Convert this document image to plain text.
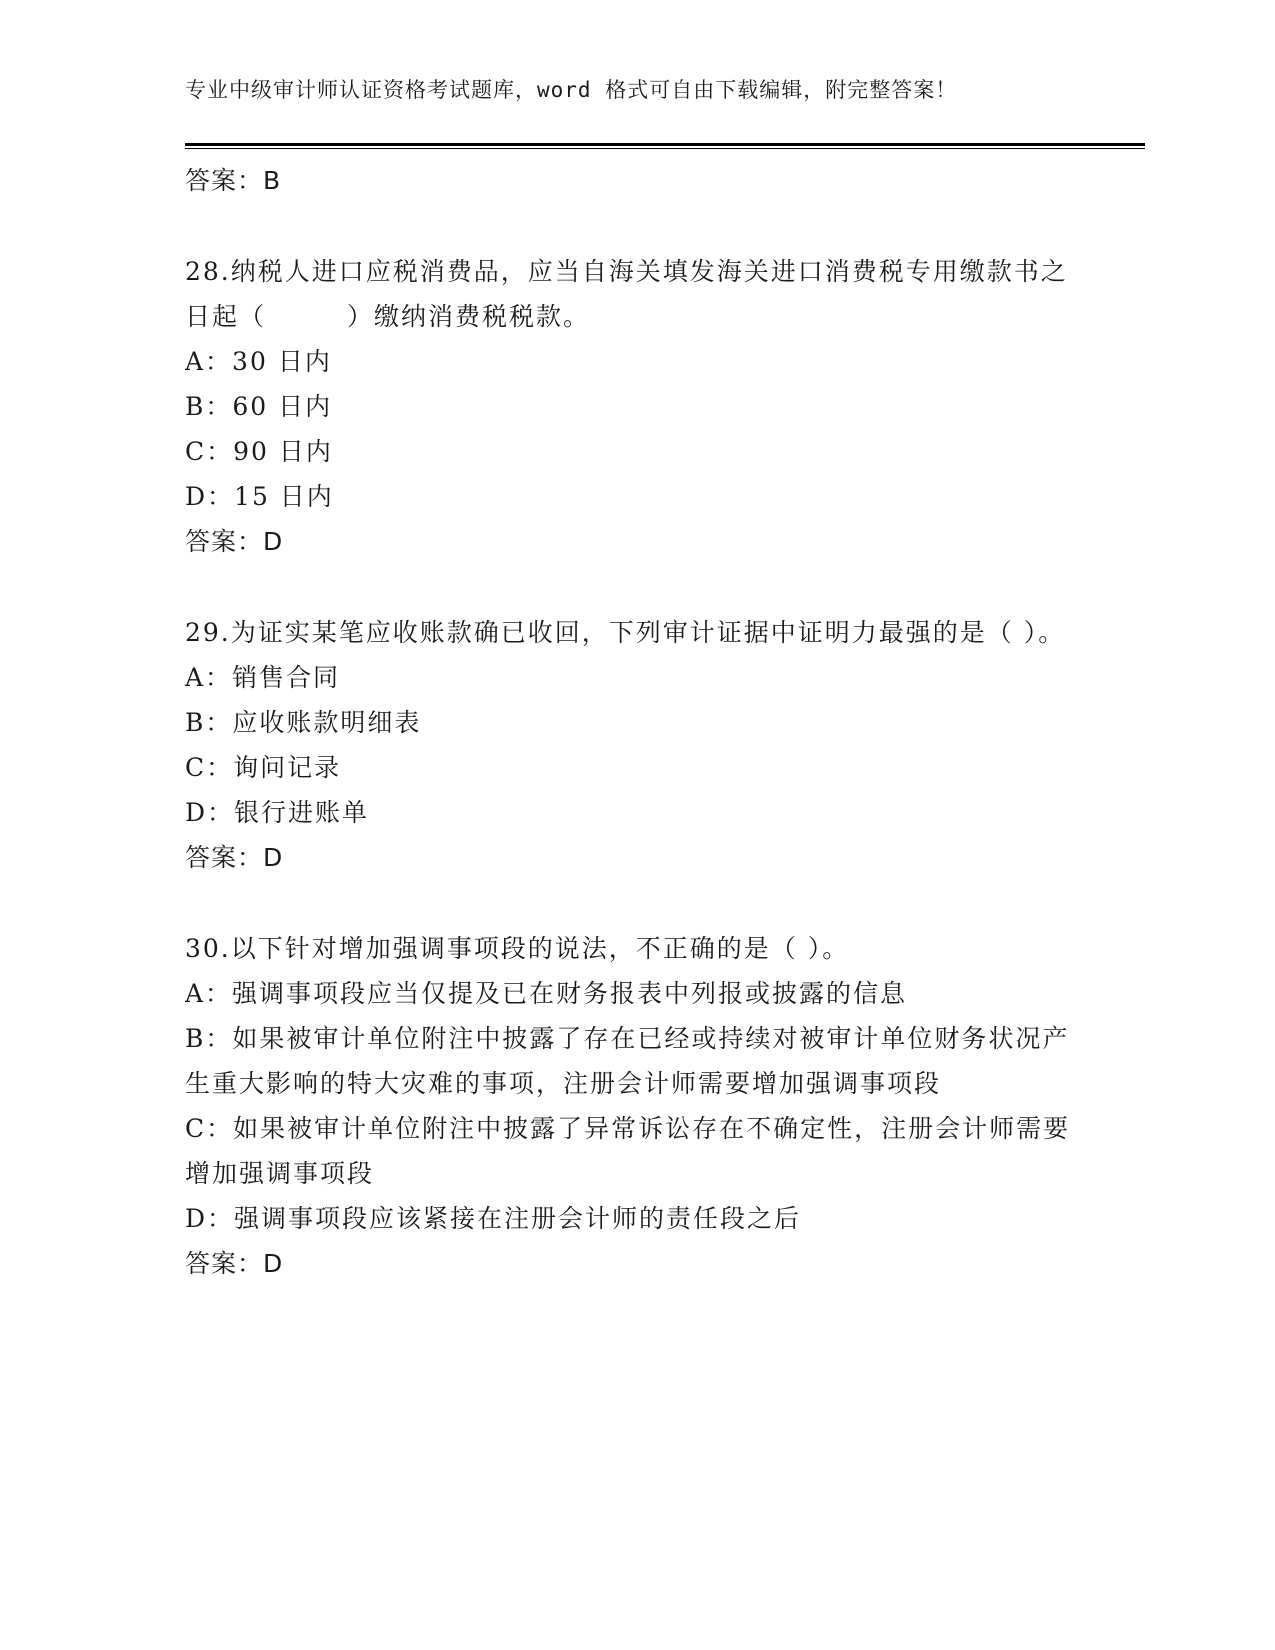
专业中级审计师认证资格考试题库，word 格式可自由下载编辑，附完整答案！
答案：B

28.纳税人进口应税消费品，应当自海关填发海关进口消费税专用缴款书之日起（　　　）缴纳消费税税款。

A：30 日内

B：60 日内

C：90 日内

D：15 日内

答案：D

29.为证实某笔应收账款确已收回，下列审计证据中证明力最强的是（ ）。

A：销售合同

B：应收账款明细表

C：询问记录

D：银行进账单

答案：D

30.以下针对增加强调事项段的说法，不正确的是（ ）。

A：强调事项段应当仅提及已在财务报表中列报或披露的信息

B：如果被审计单位附注中披露了存在已经或持续对被审计单位财务状况产生重大影响的特大灾难的事项，注册会计师需要增加强调事项段

C：如果被审计单位附注中披露了异常诉讼存在不确定性，注册会计师需要增加强调事项段

D：强调事项段应该紧接在注册会计师的责任段之后

答案：D
